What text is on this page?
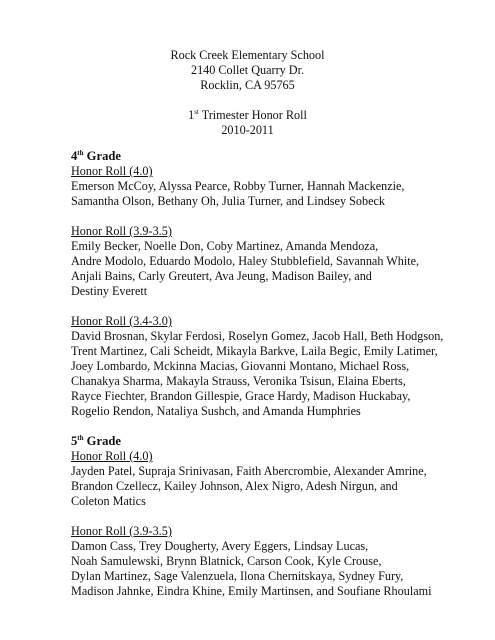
Rock Creek Elementary School
2140 Collet Quarry Dr.
Rocklin, CA 95765
1st Trimester Honor Roll
2010-2011
4th Grade
Honor Roll (4.0)
Emerson McCoy, Alyssa Pearce, Robby Turner, Hannah Mackenzie,
Samantha Olson, Bethany Oh, Julia Turner, and Lindsey Sobeck
Honor Roll (3.9-3.5)
Emily Becker, Noelle Don, Coby Martinez, Amanda Mendoza,
Andre Modolo, Eduardo Modolo, Haley Stubblefield, Savannah White,
Anjali Bains, Carly Greutert, Ava Jeung, Madison Bailey, and
Destiny Everett
Honor Roll (3.4-3.0)
David Brosnan, Skylar Ferdosi, Roselyn Gomez, Jacob Hall, Beth Hodgson,
Trent Martinez, Cali Scheidt, Mikayla Barkve, Laila Begic, Emily Latimer,
Joey Lombardo, Mckinna Macias, Giovanni Montano, Michael Ross,
Chanakya Sharma, Makayla Strauss, Veronika Tsisun, Elaina Eberts,
Rayce Fiechter, Brandon Gillespie, Grace Hardy, Madison Huckabay,
Rogelio Rendon, Nataliya Sushch, and Amanda Humphries
5th Grade
Honor Roll (4.0)
Jayden Patel, Supraja Srinivasan, Faith Abercrombie, Alexander Amrine,
Brandon Czellecz, Kailey Johnson, Alex Nigro, Adesh Nirgun, and
Coleton Matics
Honor Roll (3.9-3.5)
Damon Cass, Trey Dougherty, Avery Eggers, Lindsay Lucas,
Noah Samulewski, Brynn Blatnick, Carson Cook, Kyle Crouse,
Dylan Martinez, Sage Valenzuela, Ilona Chernitskaya, Sydney Fury,
Madison Jahnke, Eindra Khine, Emily Martinsen, and Soufiane Rhoulami
